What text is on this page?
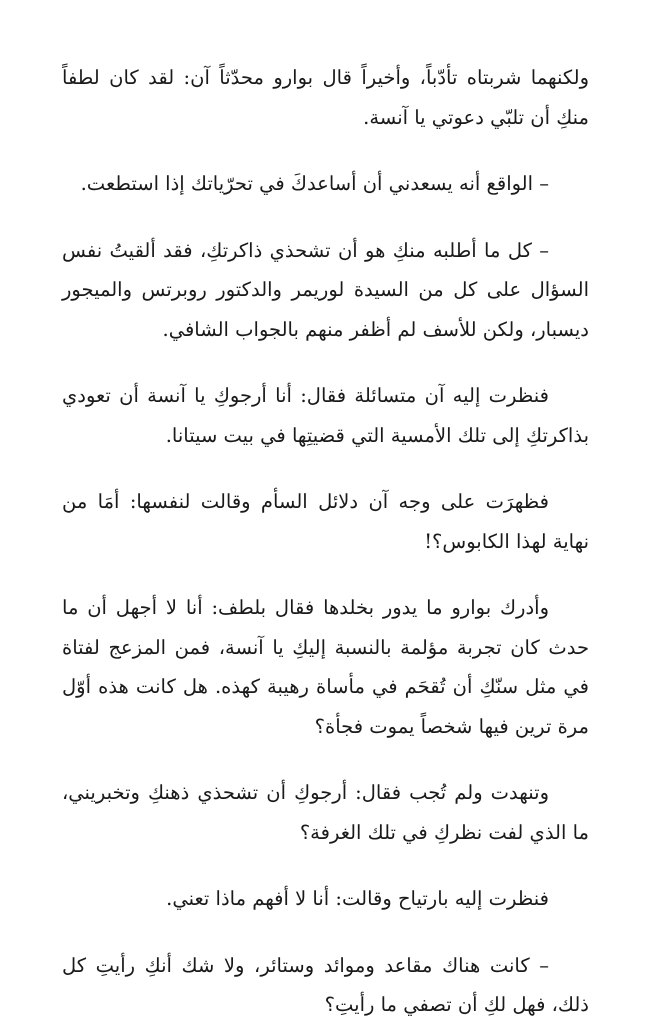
ولكنهما شربتاه تأدّباً، وأخيراً قال بوارو محدّثاً آن: لقد كان لطفاً منكِ أن تلبّي دعوتي يا آنسة.

– الواقع أنه يسعدني أن أساعدكَ في تحرّياتك إذا استطعت.

– كل ما أطلبه منكِ هو أن تشحذي ذاكرتكِ، فقد ألقيتُ نفس السؤال على كل من السيدة لوريمر والدكتور روبرتس والميجور ديسبار، ولكن للأسف لم أظفر منهم بالجواب الشافي.

فنظرت إليه آن متسائلة فقال: أنا أرجوكِ يا آنسة أن تعودي بذاكرتكِ إلى تلك الأمسية التي قضيتِها في بيت سيتانا.

فظهرَت على وجه آن دلائل السأم وقالت لنفسها: أمَا من نهاية لهذا الكابوس؟!

وأدرك بوارو ما يدور بخلدها فقال بلطف: أنا لا أجهل أن ما حدث كان تجربة مؤلمة بالنسبة إليكِ يا آنسة، فمن المزعج لفتاة في مثل سنّكِ أن تُقحَم في مأساة رهيبة كهذه. هل كانت هذه أوّل مرة ترين فيها شخصاً يموت فجأة؟

وتنهدت ولم تُجب فقال: أرجوكِ أن تشحذي ذهنكِ وتخبريني، ما الذي لفت نظركِ في تلك الغرفة؟

فنظرت إليه بارتياح وقالت: أنا لا أفهم ماذا تعني.

– كانت هناك مقاعد وموائد وستائر، ولا شك أنكِ رأيتِ كل ذلك، فهل لكِ أن تصفي ما رأيتِ؟
